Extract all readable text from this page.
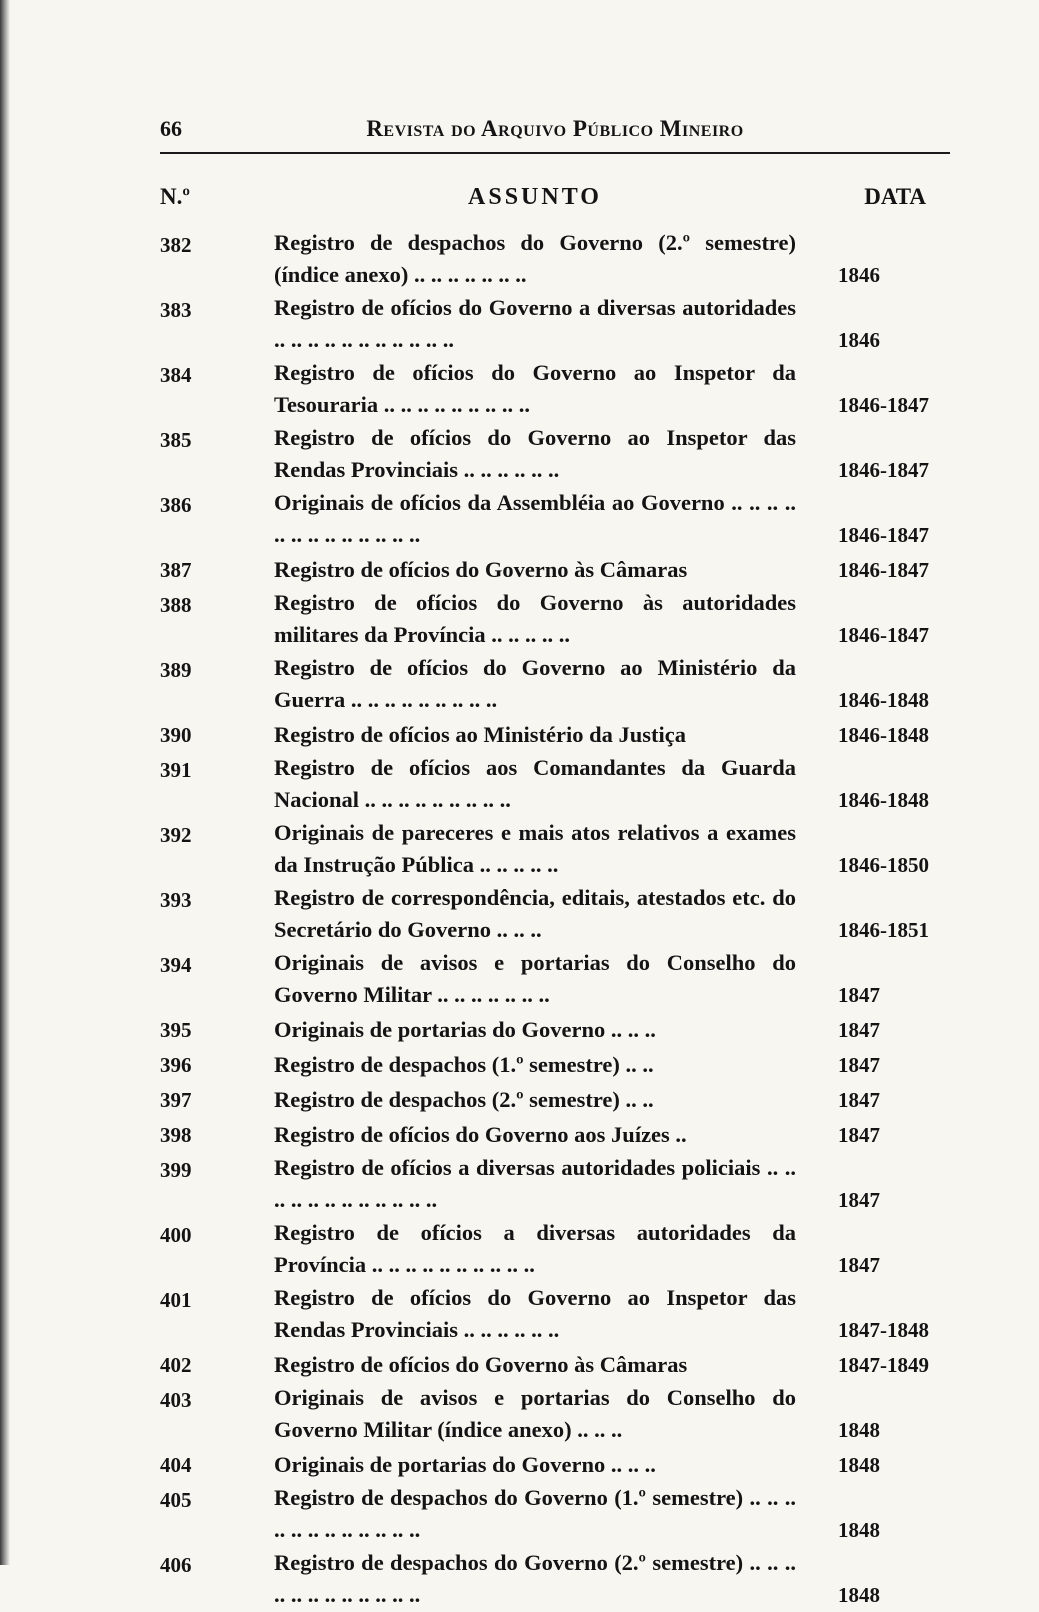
66	Revista do Arquivo Público Mineiro
N.º	ASSUNTO	DATA
382	Registro de despachos do Governo (2.º semestre) (índice anexo) .. .. .. .. .. .. ..	1846
383	Registro de ofícios do Governo a diversas autoridades .. .. .. .. .. .. .. .. .. .. ..	1846
384	Registro de ofícios do Governo ao Inspetor da Tesouraria .. .. .. .. .. .. .. .. ..	1846-1847
385	Registro de ofícios do Governo ao Inspetor das Rendas Provinciais .. .. .. .. .. ..	1846-1847
386	Originais de ofícios da Assembléia ao Governo .. .. .. .. .. .. .. .. .. .. .. .. ..	1846-1847
387	Registro de ofícios do Governo às Câmaras	1846-1847
388	Registro de ofícios do Governo às autoridades militares da Província .. .. .. .. ..	1846-1847
389	Registro de ofícios do Governo ao Ministério da Guerra .. .. .. .. .. .. .. .. ..	1846-1848
390	Registro de ofícios ao Ministério da Justiça	1846-1848
391	Registro de ofícios aos Comandantes da Guarda Nacional .. .. .. .. .. .. .. .. ..	1846-1848
392	Originais de pareceres e mais atos relativos a exames da Instrução Pública .. .. .. .. ..	1846-1850
393	Registro de correspondência, editais, atestados etc. do Secretário do Governo .. .. ..	1846-1851
394	Originais de avisos e portarias do Conselho do Governo Militar .. .. .. .. .. .. ..	1847
395	Originais de portarias do Governo .. .. ..	1847
396	Registro de despachos (1.º semestre) .. ..	1847
397	Registro de despachos (2.º semestre) .. ..	1847
398	Registro de ofícios do Governo aos Juízes ..	1847
399	Registro de ofícios a diversas autoridades policiais .. .. .. .. .. .. .. .. .. .. .. ..	1847
400	Registro de ofícios a diversas autoridades da Província .. .. .. .. .. .. .. .. .. ..	1847
401	Registro de ofícios do Governo ao Inspetor das Rendas Provinciais .. .. .. .. .. ..	1847-1848
402	Registro de ofícios do Governo às Câmaras	1847-1849
403	Originais de avisos e portarias do Conselho do Governo Militar (índice anexo) .. .. ..	1848
404	Originais de portarias do Governo .. .. ..	1848
405	Registro de despachos do Governo (1.º semestre) .. .. .. .. .. .. .. .. .. .. .. ..	1848
406	Registro de despachos do Governo (2.º semestre) .. .. .. .. .. .. .. .. .. .. .. ..	1848
